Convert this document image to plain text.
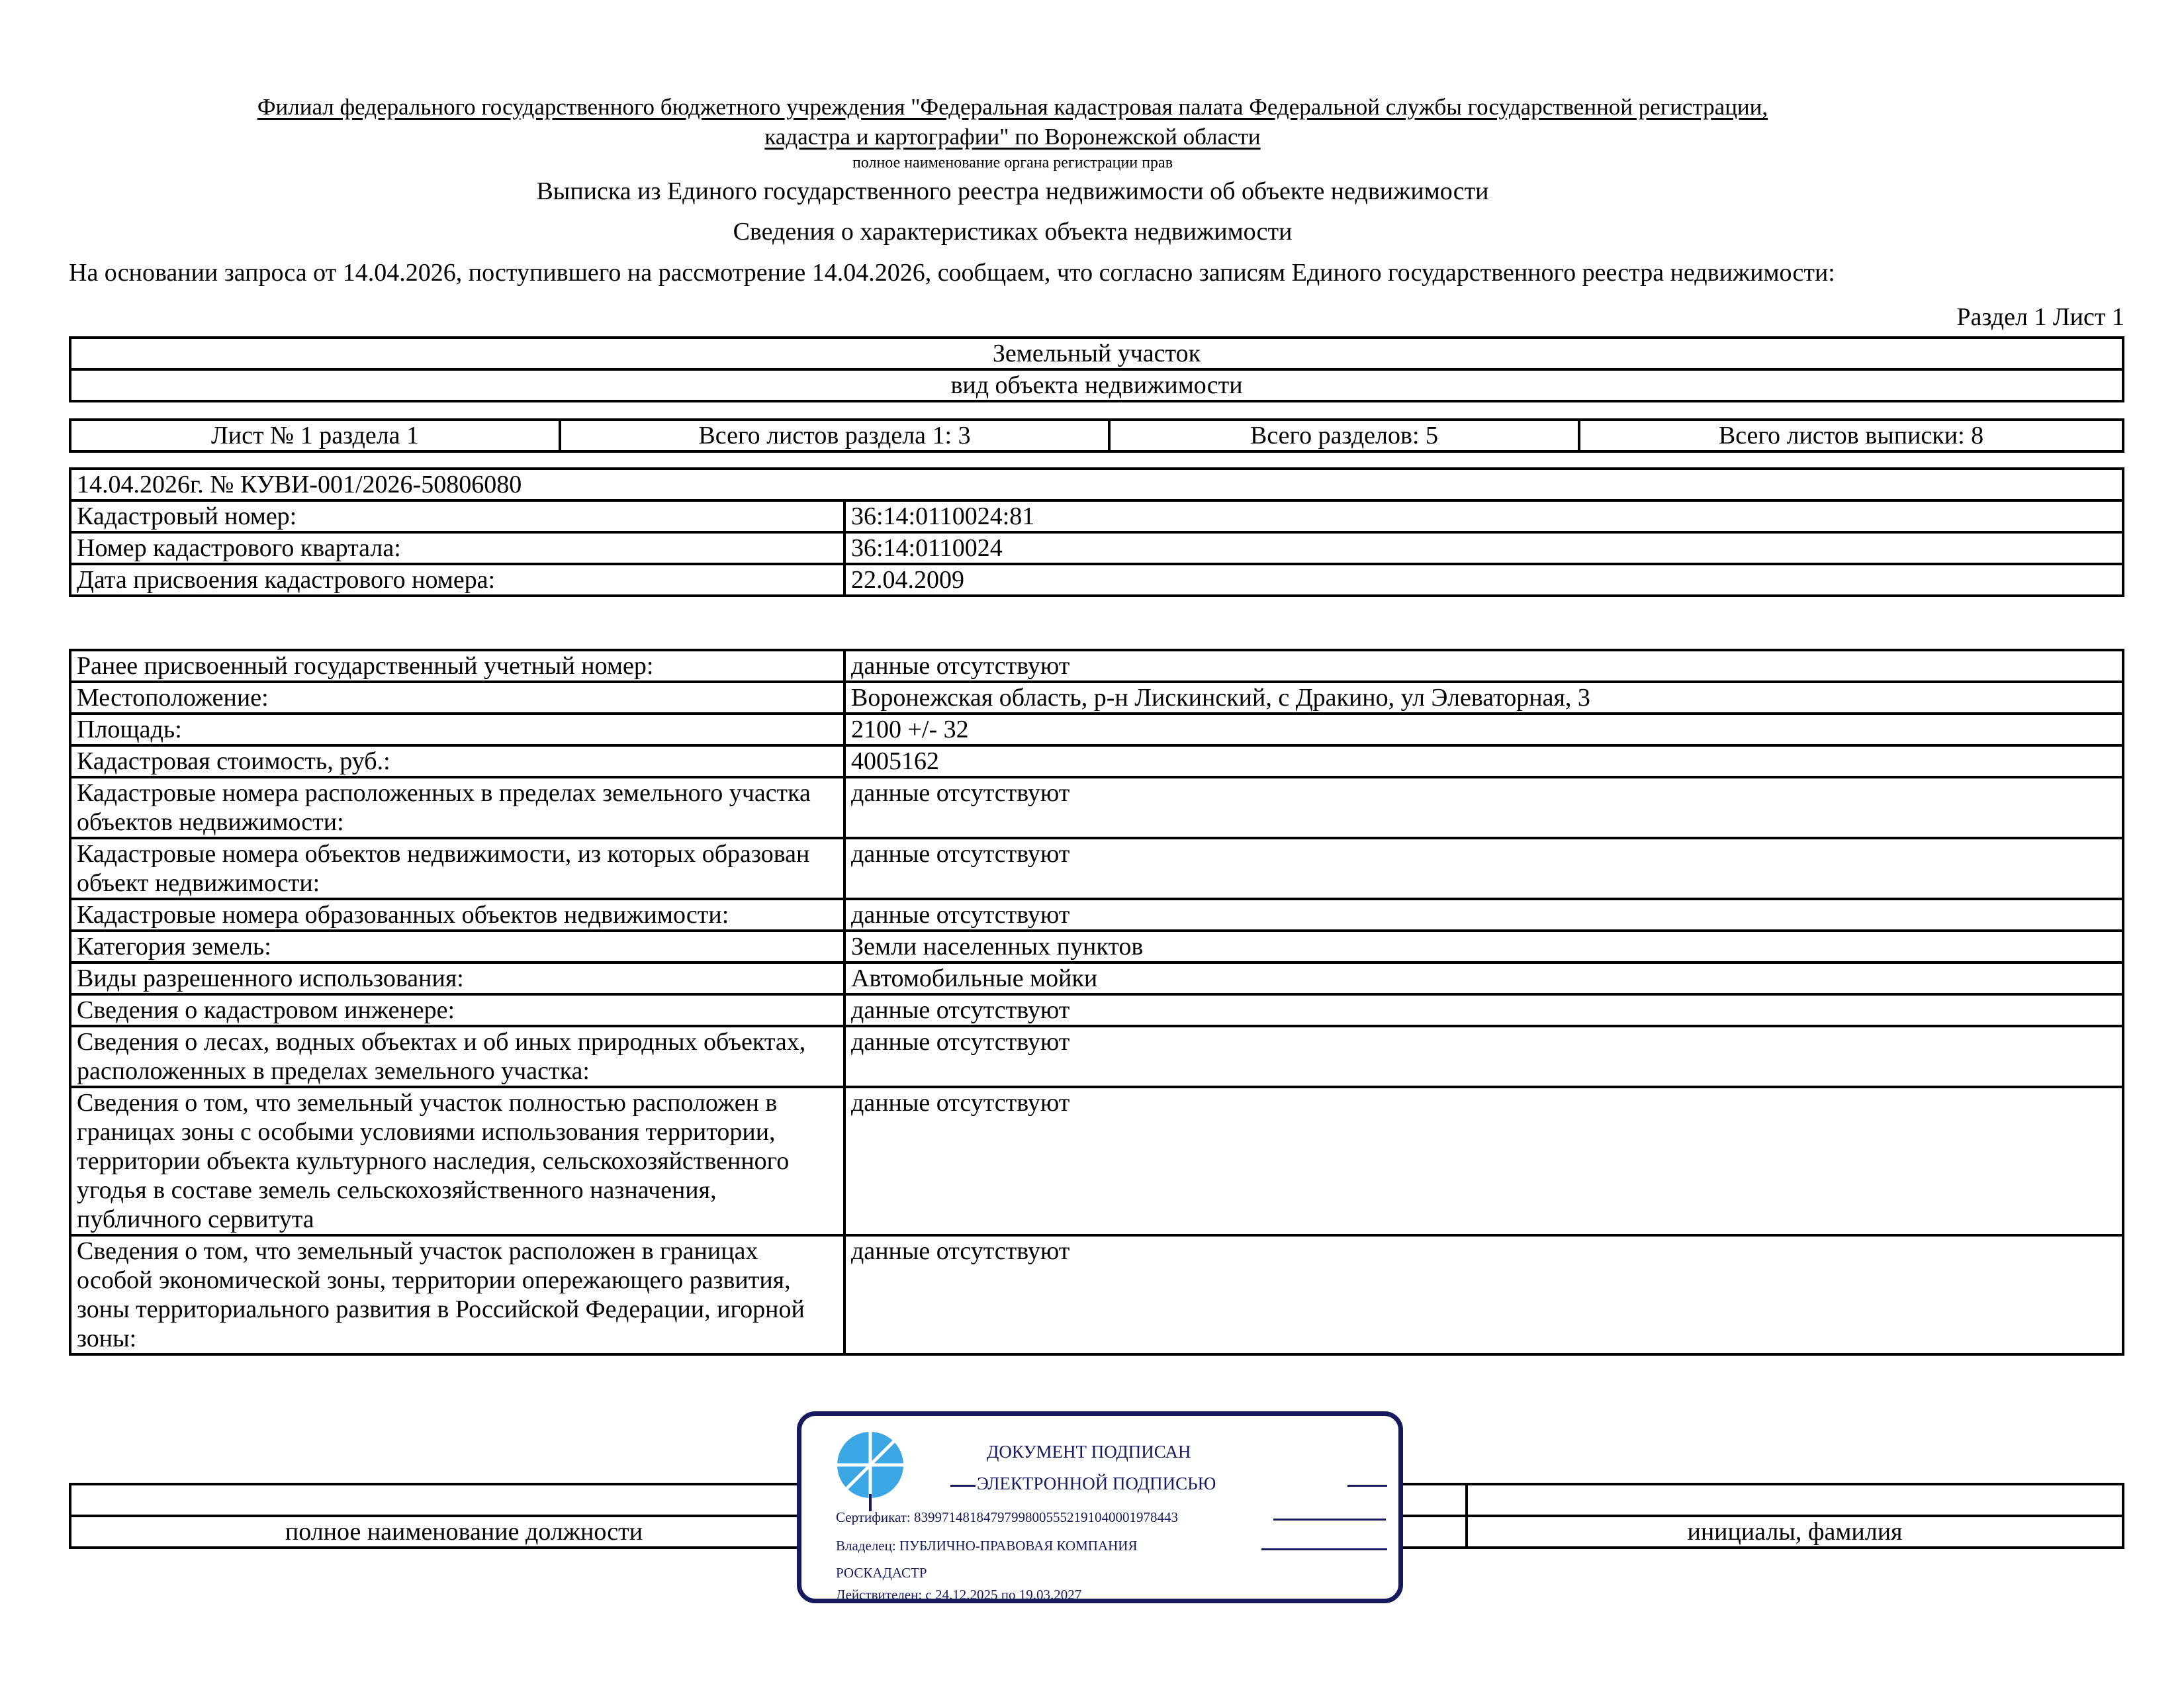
Филиал федерального государственного бюджетного учреждения "Федеральная кадастровая палата Федеральной службы государственной регистрации,
кадастра и картографии" по Воронежской области
полное наименование органа регистрации прав
Выписка из Единого государственного реестра недвижимости об объекте недвижимости
Сведения о характеристиках объекта недвижимости
На основании запроса от 14.04.2026, поступившего на рассмотрение 14.04.2026, сообщаем, что согласно записям Единого государственного реестра недвижимости:
Раздел 1 Лист 1
Земельный участок
вид объекта недвижимости
Лист № 1 раздела 1	Всего листов раздела 1: 3	Всего разделов: 5	Всего листов выписки: 8
14.04.2026г. № КУВИ-001/2026-50806080	
Кадастровый номер:	36:14:0110024:81
Номер кадастрового квартала:	36:14:0110024
Дата присвоения кадастрового номера:	22.04.2009
Ранее присвоенный государственный учетный номер:	данные отсутствуют
Местоположение:	Воронежская область, р-н Лискинский, с Дракино, ул Элеваторная, 3
Площадь:	2100 +/- 32
Кадастровая стоимость, руб.:	4005162
Кадастровые номера расположенных в пределах земельного участка объектов недвижимости:	данные отсутствуют
Кадастровые номера объектов недвижимости, из которых образован объект недвижимости:	данные отсутствуют
Кадастровые номера образованных объектов недвижимости:	данные отсутствуют
Категория земель:	Земли населенных пунктов
Виды разрешенного использования:	Автомобильные мойки
Сведения о кадастровом инженере:	данные отсутствуют
Сведения о лесах, водных объектах и об иных природных объектах, расположенных в пределах земельного участка:	данные отсутствуют
Сведения о том, что земельный участок полностью расположен в границах зоны с особыми условиями использования территории, территории объекта культурного наследия, сельскохозяйственного угодья в составе земель сельскохозяйственного назначения, публичного сервитута	данные отсутствуют
Сведения о том, что земельный участок расположен в границах особой экономической зоны, территории опережающего развития, зоны территориального развития в Российской Федерации, игорной зоны:	данные отсутствуют

полное наименование должности		инициалы, фамилия
ДОКУМЕНТ ПОДПИСАН
ЭЛЕКТРОННОЙ ПОДПИСЬЮ
Сертификат: 83997148184797998005552191040001978443
Владелец: ПУБЛИЧНО-ПРАВОВАЯ КОМПАНИЯ
РОСКАДАСТР
Действителен: с 24.12.2025 по 19.03.2027
